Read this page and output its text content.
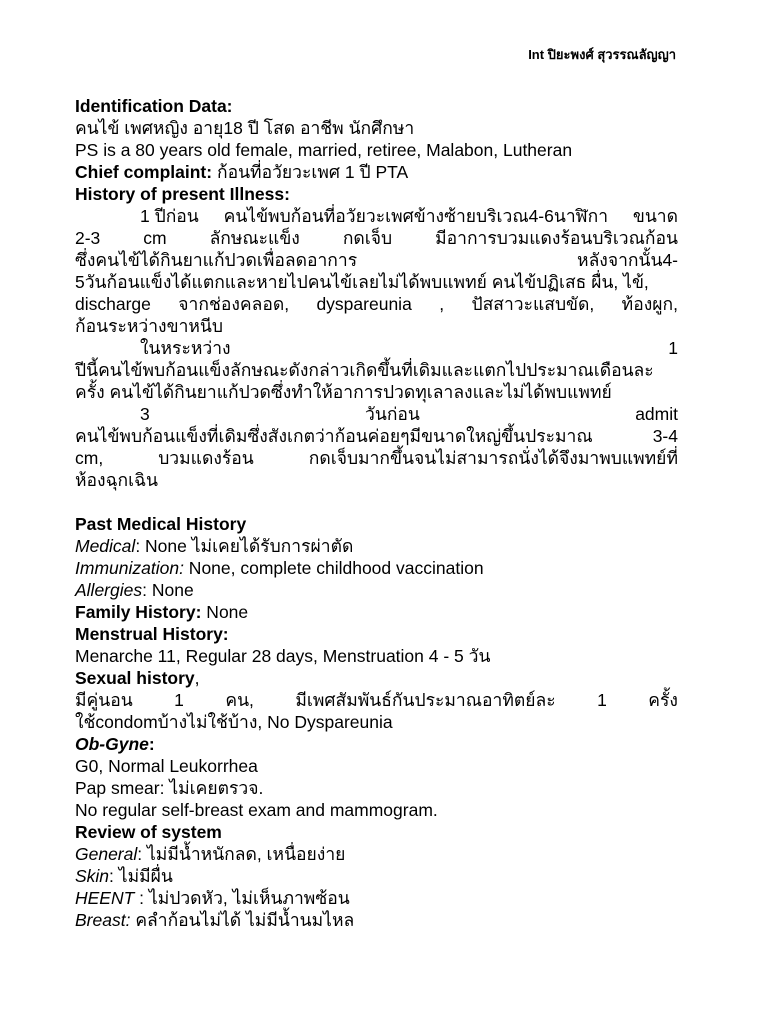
Int ปิยะพงศ์ สุวรรณลัญญา
Identification Data:
คนไข้ เพศหญิง อายุ18 ปี โสด อาชีพ นักศึกษา
PS is a 80 years old female, married, retiree, Malabon, Lutheran
Chief complaint: ก้อนที่อวัยวะเพศ 1 ปี PTA
History of present Illness:
1 ปีก่อน คนไข้พบก้อนที่อวัยวะเพศข้างซ้ายบริเวณ4-6นาฬิกา ขนาด
2-3 cm ลักษณะแข็ง กดเจ็บ มีอาการบวมแดงร้อนบริเวณก้อน
ซึ่งคนไข้ได้กินยาแก้ปวดเพื่อลดอาการ	หลังจากนั้น4-
5วันก้อนแข็งได้แตกและหายไปคนไข้เลยไม่ได้พบแพทย์ คนไข้ปฏิเสธ ผื่น, ไข้,
discharge จากช่องคลอด, dyspareunia , ปัสสาวะแสบขัด, ท้องผูก,
ก้อนระหว่างขาหนีบ
ในหระหว่าง	1
ปีนี้คนไข้พบก้อนแข็งลักษณะดังกล่าวเกิดขึ้นที่เดิมและแตกไปประมาณเดือนละ
ครั้ง คนไข้ได้กินยาแก้ปวดซึ่งทำให้อาการปวดทุเลาลงและไม่ได้พบแพทย์
3	วันก่อน	admit
คนไข้พบก้อนแข็งที่เดิมซึ่งสังเกตว่าก้อนค่อยๆมีขนาดใหญ่ขึ้นประมาณ	3-4
cm,	บวมแดงร้อน	กดเจ็บมากขึ้นจนไม่สามารถนั่งได้จึงมาพบแพทย์ที่
ห้องฉุกเฉิน
Past Medical History
Medical: None ไม่เคยได้รับการผ่าตัด
Immunization: None, complete childhood vaccination
Allergies: None
Family History: None
Menstrual History:
Menarche 11, Regular 28 days, Menstruation 4 - 5 วัน
Sexual history,
มีคู่นอน 1 คน, มีเพศสัมพันธ์กันประมาณอาทิตย์ละ 1 ครั้ง
ใช้condomบ้างไม่ใช้บ้าง, No Dyspareunia
Ob-Gyne:
G0, Normal Leukorrhea
Pap smear: ไม่เคยตรวจ.
No regular self-breast exam and mammogram.
Review of system
General: ไม่มีน้ำหนักลด, เหนื่อยง่าย
Skin: ไม่มีผื่น
HEENT : ไม่ปวดหัว, ไม่เห็นภาพซ้อน
Breast: คลำก้อนไม่ได้ ไม่มีน้ำนมไหล
